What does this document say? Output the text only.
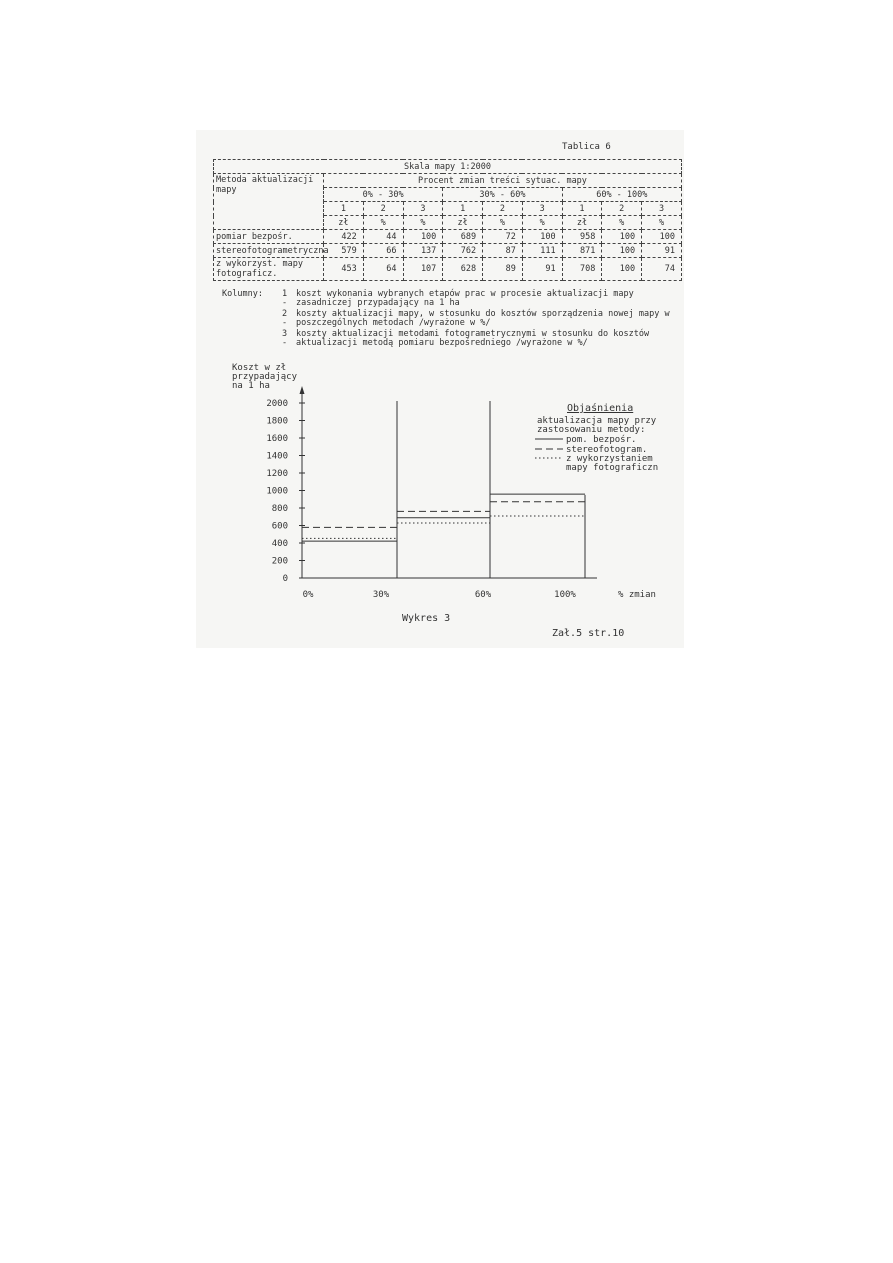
Tablica 6
Skala mapy 1:2000									
Metoda aktualizacji mapy	Procent zmian treści sytuac. mapy								
	0% - 30%			30% - 60%			60% - 100%		
	1	2	3	1	2	3	1	2	3
	zł	%	%	zł	%	%	zł	%	%
pomiar bezpośr.	422	44	100	689	72	100	958	100	100
stereofotogrametryczna	579	66	137	762	87	111	871	100	91
z wykorzyst. mapy fotograficz.	453	64	107	628	89	91	708	100	74
Kolumny:	1 -
koszt wykonania wybranych etapów prac w procesie aktualizacji mapy zasadniczej przypadający na 1 ha
2 -
koszty aktualizacji mapy, w stosunku do kosztów sporządzenia nowej mapy w poszczególnych metodach /wyrażone w %/
3 -
koszty aktualizacji metodami fotogrametrycznymi w stosunku do kosztów aktualizacji metodą pomiaru bezpośredniego /wyrażone w %/
Koszt w zł
przypadający
na 1 ha
0
200
400
600
800
1000
1200
1400
1600
1800
2000
0%	30%	60%	100%	% zmian
Objaśnienia
aktualizacja mapy przy
zastosowaniu metody:
pom. bezpośr.
stereofotogram.
z wykorzystaniem
mapy fotograficzn
Wykres 3
Zał.5 str.10
